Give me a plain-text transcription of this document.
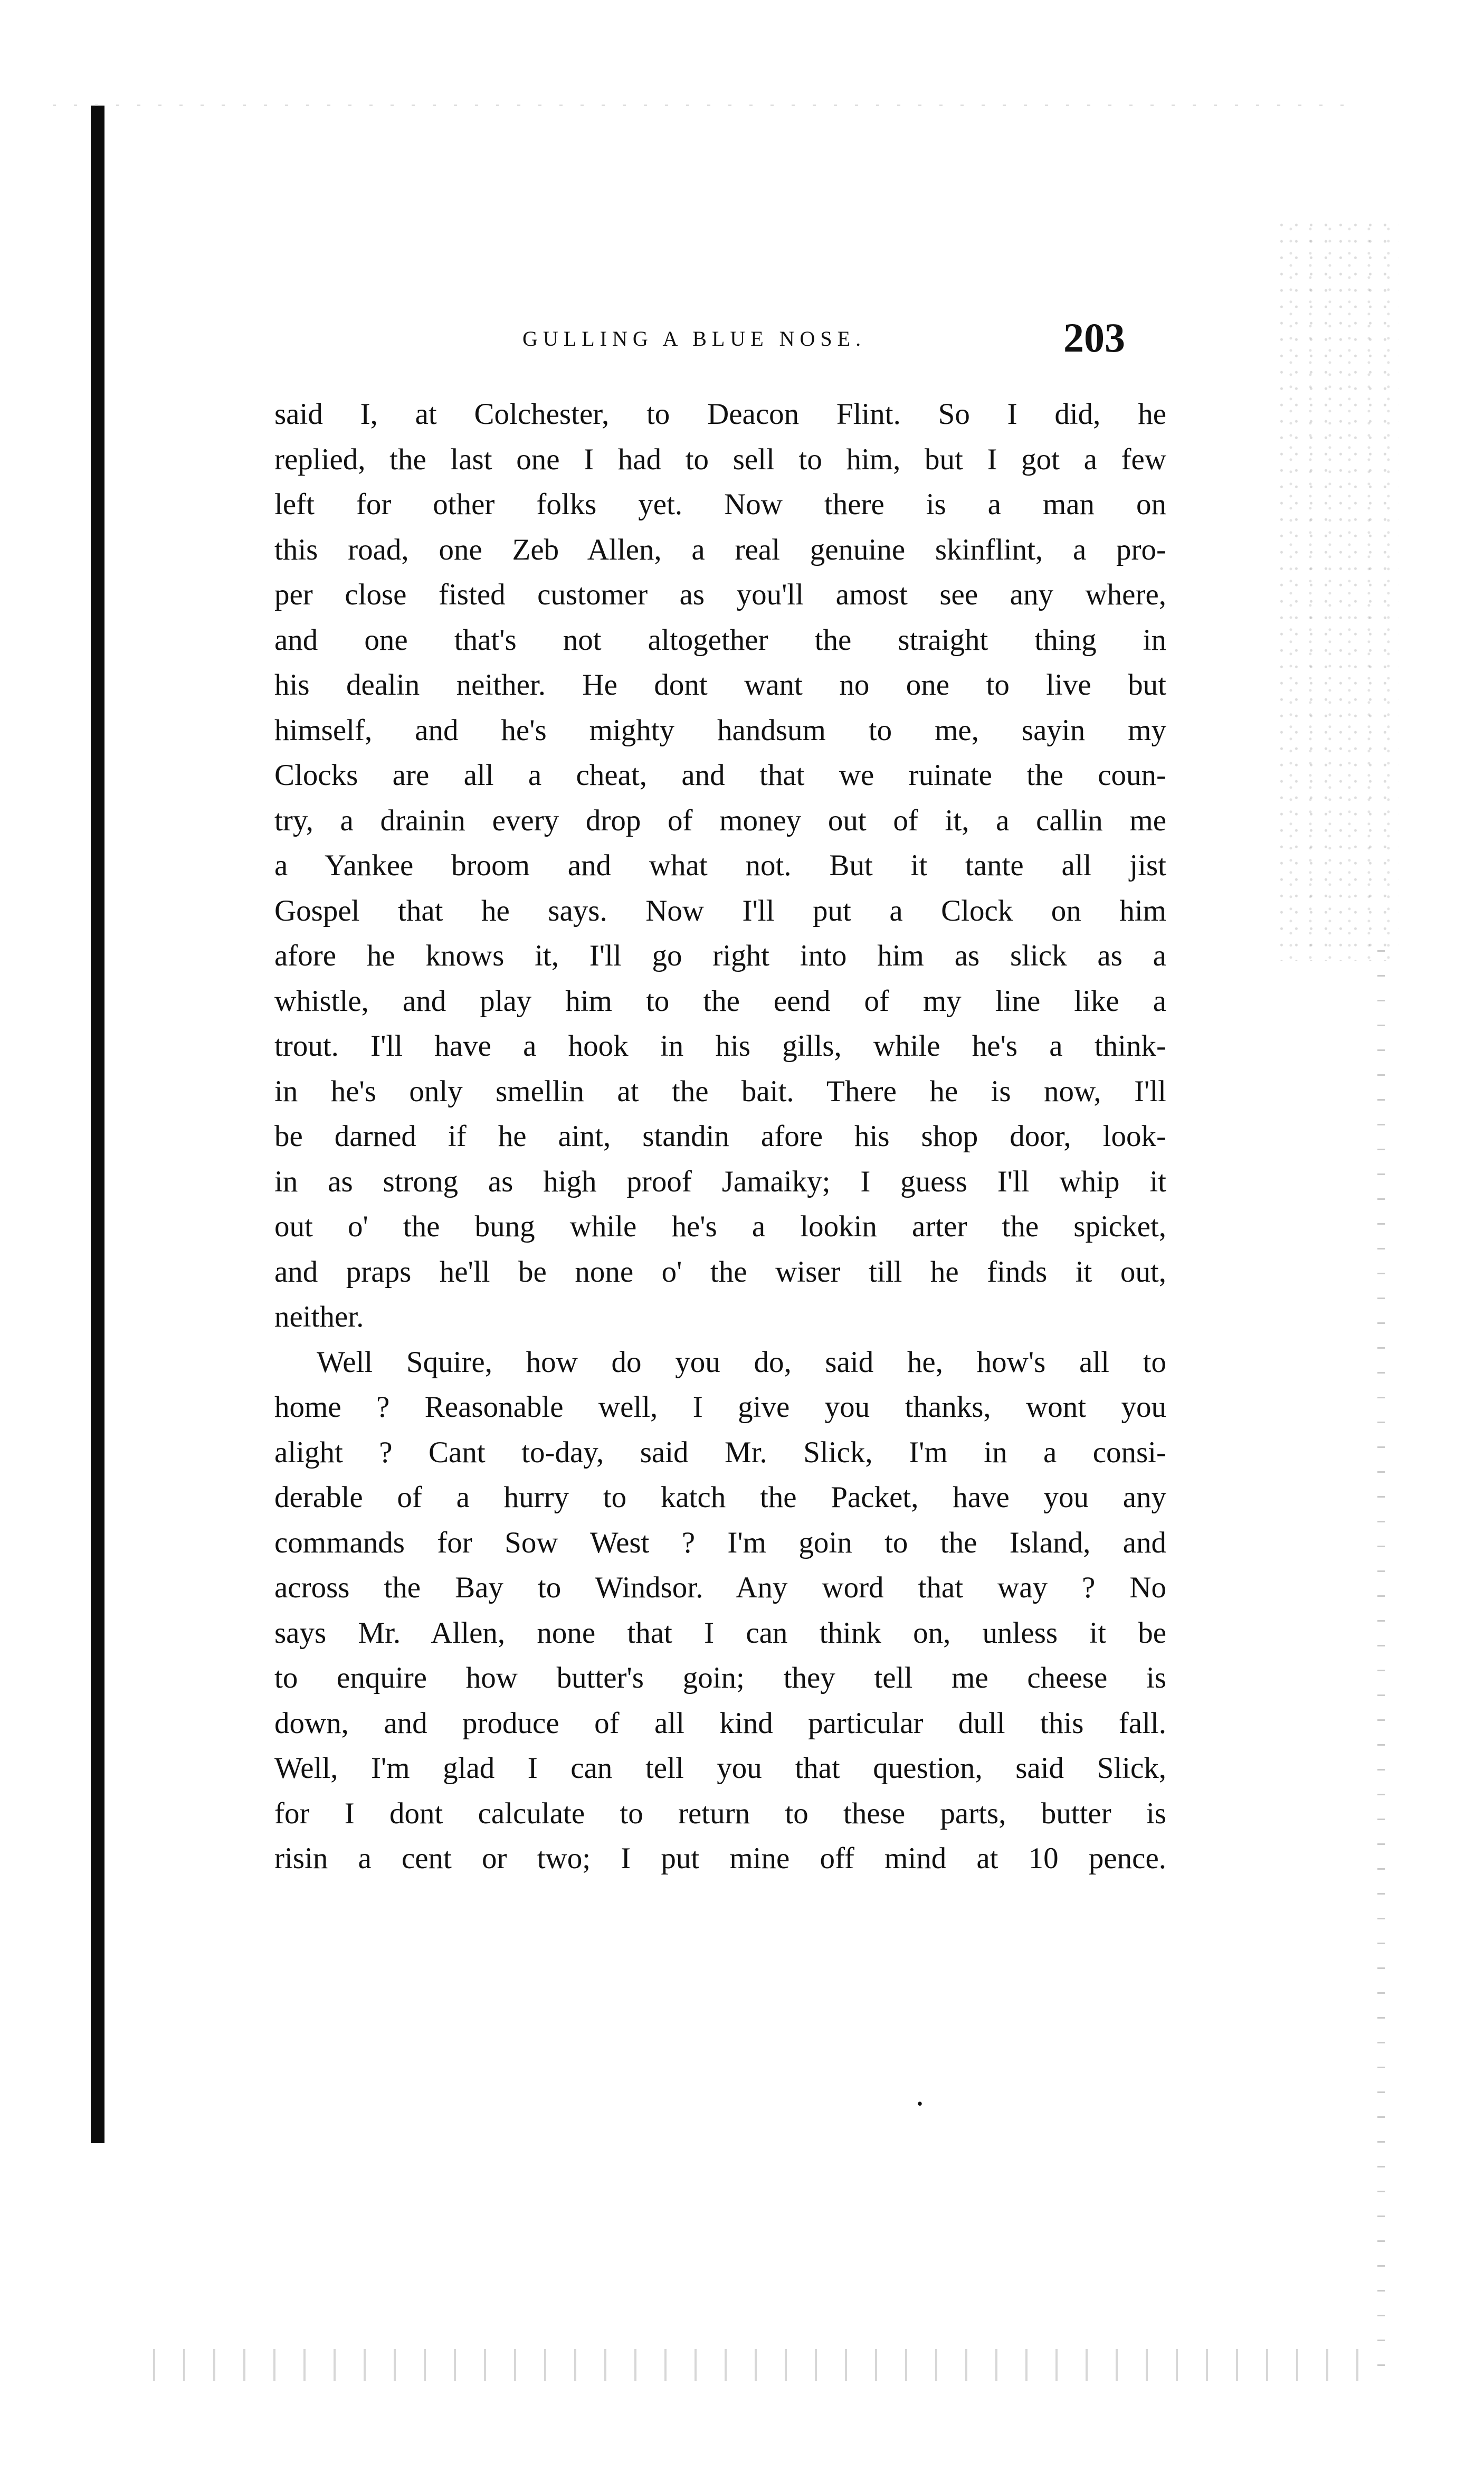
GULLING A BLUE NOSE.	203
said I, at Colchester, to Deacon Flint. So I did, he
replied, the last one I had to sell to him, but I got a few
left for other folks yet. Now there is a man on
this road, one Zeb Allen, a real genuine skinflint, a pro-
per close fisted customer as you'll amost see any where,
and one that's not altogether the straight thing in
his dealin neither. He dont want no one to live but
himself, and he's mighty handsum to me, sayin my
Clocks are all a cheat, and that we ruinate the coun-
try, a drainin every drop of money out of it, a callin me
a Yankee broom and what not. But it tante all jist
Gospel that he says. Now I'll put a Clock on him
afore he knows it, I'll go right into him as slick as a
whistle, and play him to the eend of my line like a
trout. I'll have a hook in his gills, while he's a think-
in he's only smellin at the bait. There he is now, I'll
be darned if he aint, standin afore his shop door, look-
in as strong as high proof Jamaiky; I guess I'll whip it
out o' the bung while he's a lookin arter the spicket,
and praps he'll be none o' the wiser till he finds it out,
neither.
Well Squire, how do you do, said he, how's all to
home ? Reasonable well, I give you thanks, wont you
alight ? Cant to-day, said Mr. Slick, I'm in a consi-
derable of a hurry to katch the Packet, have you any
commands for Sow West ? I'm goin to the Island, and
across the Bay to Windsor. Any word that way ? No
says Mr. Allen, none that I can think on, unless it be
to enquire how butter's goin; they tell me cheese is
down, and produce of all kind particular dull this fall.
Well, I'm glad I can tell you that question, said Slick,
for I dont calculate to return to these parts, butter is
risin a cent or two; I put mine off mind at 10 pence.
•
